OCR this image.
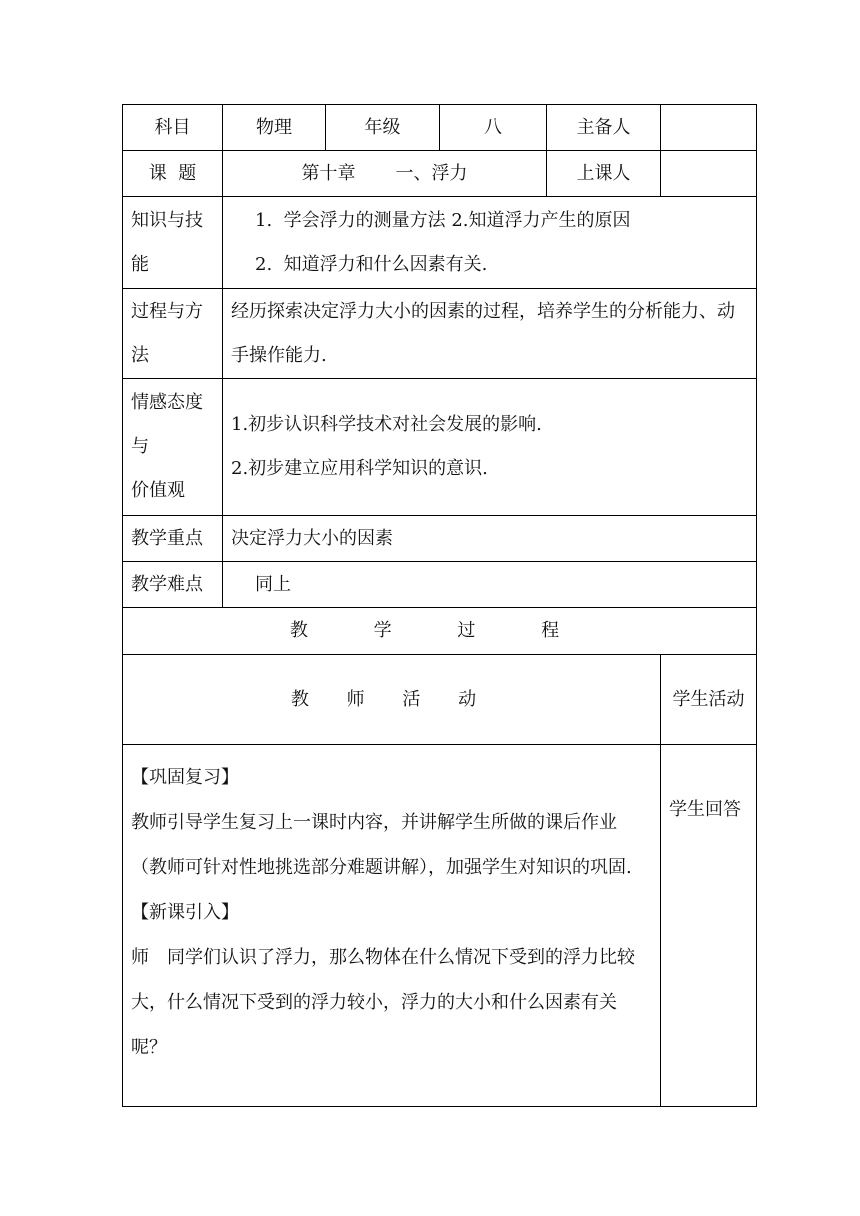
科目	物理	年级	八	主备人	
课  题	第十章 一、浮力			上课人	
知识与技能	1.  学会浮力的测量方法 2.知道浮力产生的原因
2.  知道浮力和什么因素有关.				

过程与方法	经历探索决定浮力大小的因素的过程，培养学生的分析能力、动手操作能力.				

情感态度
与
价值观	1.初步认识科学技术对社会发展的影响.
2.初步建立应用科学知识的意识.				

教学重点	决定浮力大小的因素				
教学难点	同上				
教 学 过 程					
教 师 活 动					学生活动

【巩固复习】
教师引导学生复习上一课时内容，并讲解学生所做的课后作业（教师可针对性地挑选部分难题讲解），加强学生对知识的巩固.
【新课引入】
师　同学们认识了浮力，那么物体在什么情况下受到的浮力比较大，什么情况下受到的浮力较小，浮力的大小和什么因素有关呢？					学生回答
